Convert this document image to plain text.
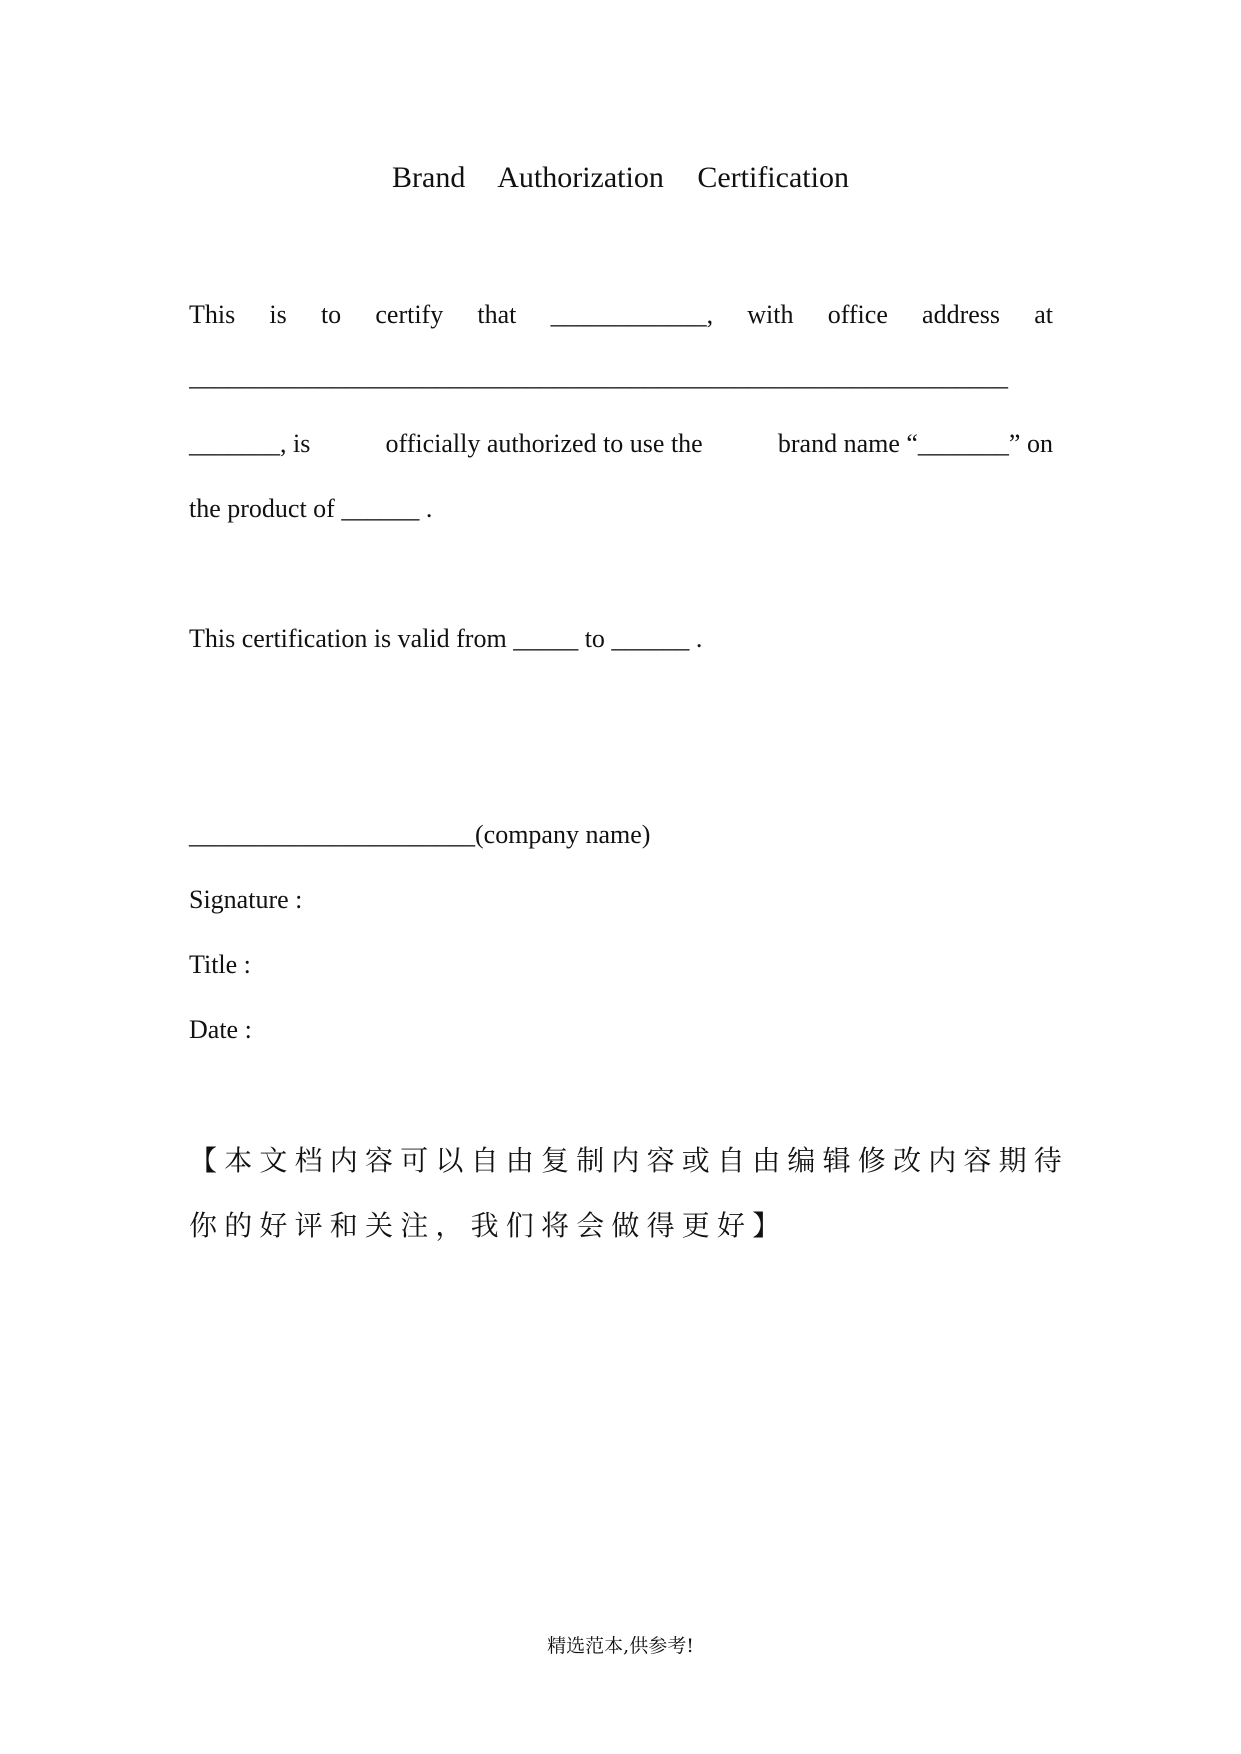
Brand Authorization Certification
This is to certify that ____________, with office address at
_______________________________________________________________
_______, is	officially authorized to use the	brand name “_______” on
the product of ______ .
This certification is valid from _____ to ______ .
______________________(company name)
Signature :
Title :
Date :
【本文档内容可以自由复制内容或自由编辑修改内容期待
你的好评和关注，我们将会做得更好】
精选范本,供参考!
